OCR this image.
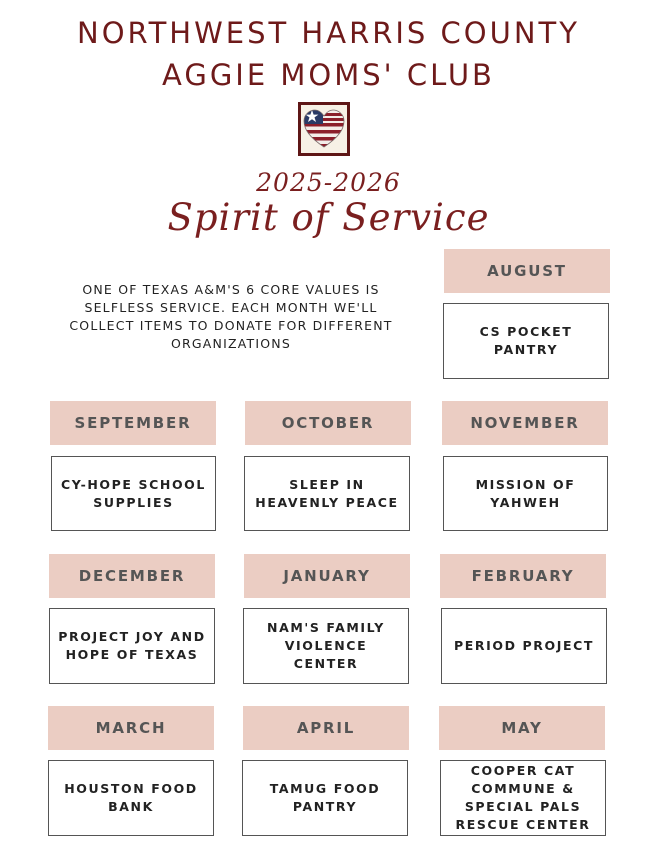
NORTHWEST HARRIS COUNTY
AGGIE MOMS' CLUB
2025-2026
Spirit of Service
ONE OF TEXAS A&M'S 6 CORE VALUES IS SELFLESS SERVICE. EACH MONTH WE'LL COLLECT ITEMS TO DONATE FOR DIFFERENT ORGANIZATIONS
AUGUST
CS POCKET PANTRY
SEPTEMBER
CY-HOPE SCHOOL SUPPLIES
OCTOBER
SLEEP IN HEAVENLY PEACE
NOVEMBER
MISSION OF YAHWEH
DECEMBER
PROJECT JOY AND HOPE OF TEXAS
JANUARY
NAM'S FAMILY VIOLENCE CENTER
FEBRUARY
PERIOD PROJECT
MARCH
HOUSTON FOOD BANK
APRIL
TAMUG FOOD PANTRY
MAY
COOPER CAT COMMUNE & SPECIAL PALS RESCUE CENTER
